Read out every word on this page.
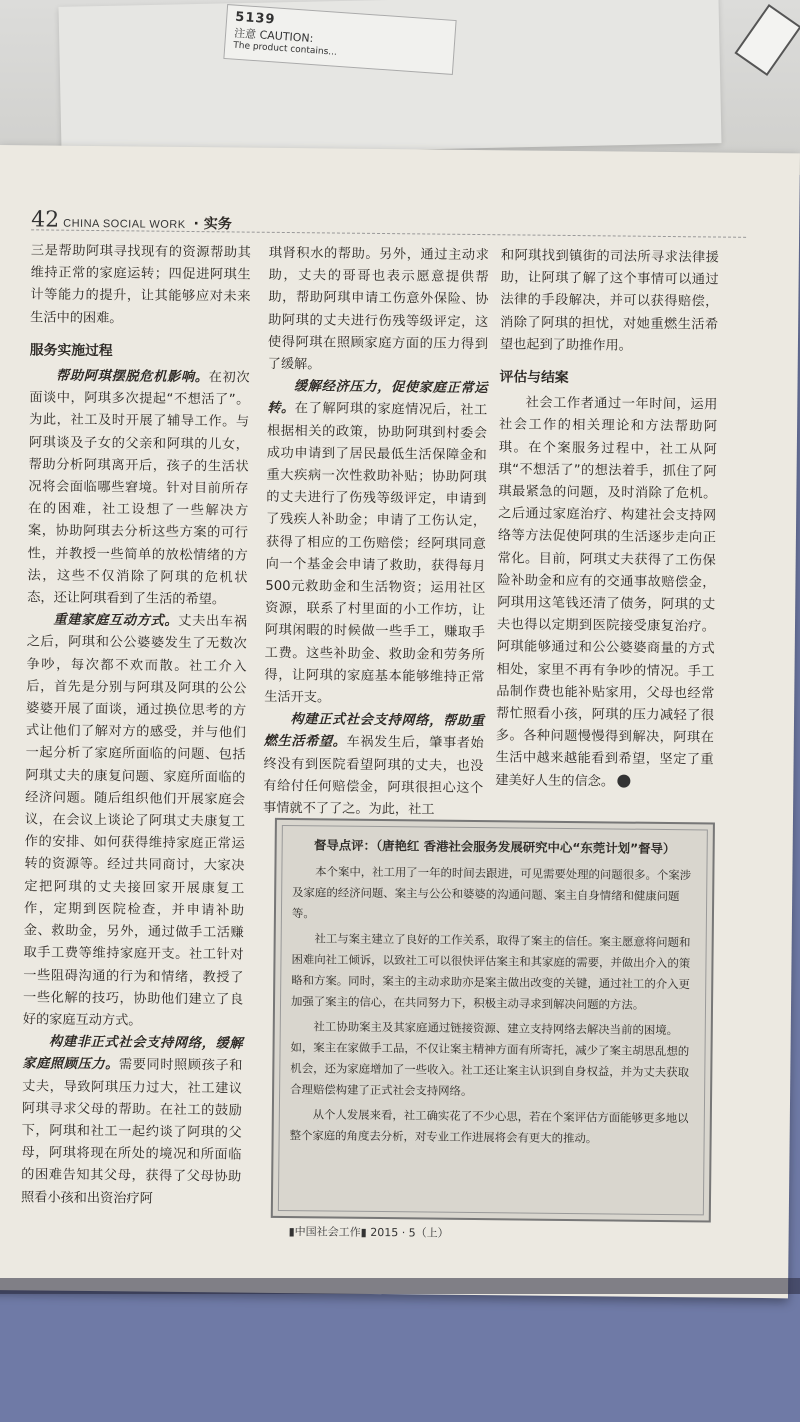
5139
注意 CAUTION:
The product contains...
42 CHINA SOCIAL WORK · 实务

三是帮助阿琪寻找现有的资源帮助其维持正常的家庭运转；四促进阿琪生计等能力的提升，让其能够应对未来生活中的困难。

服务实施过程

帮助阿琪摆脱危机影响。在初次面谈中，阿琪多次提起“不想活了”。为此，社工及时开展了辅导工作。与阿琪谈及子女的父亲和阿琪的儿女，帮助分析阿琪离开后，孩子的生活状况将会面临哪些窘境。针对目前所存在的困难，社工设想了一些解决方案，协助阿琪去分析这些方案的可行性，并教授一些简单的放松情绪的方法，这些不仅消除了阿琪的危机状态，还让阿琪看到了生活的希望。

重建家庭互动方式。丈夫出车祸之后，阿琪和公公婆婆发生了无数次争吵，每次都不欢而散。社工介入后，首先是分别与阿琪及阿琪的公公婆婆开展了面谈，通过换位思考的方式让他们了解对方的感受，并与他们一起分析了家庭所面临的问题、包括阿琪丈夫的康复问题、家庭所面临的经济问题。随后组织他们开展家庭会议，在会议上谈论了阿琪丈夫康复工作的安排、如何获得维持家庭正常运转的资源等。经过共同商讨，大家决定把阿琪的丈夫接回家开展康复工作，定期到医院检查，并申请补助金、救助金，另外，通过做手工活赚取手工费等维持家庭开支。社工针对一些阻碍沟通的行为和情绪，教授了一些化解的技巧，协助他们建立了良好的家庭互动方式。

构建非正式社会支持网络，缓解家庭照顾压力。需要同时照顾孩子和丈夫，导致阿琪压力过大，社工建议阿琪寻求父母的帮助。在社工的鼓励下，阿琪和社工一起约谈了阿琪的父母，阿琪将现在所处的境况和所面临的困难告知其父母，获得了父母协助照看小孩和出资治疗阿

琪肾积水的帮助。另外，通过主动求助，丈夫的哥哥也表示愿意提供帮助，帮助阿琪申请工伤意外保险、协助阿琪的丈夫进行伤残等级评定，这使得阿琪在照顾家庭方面的压力得到了缓解。

缓解经济压力，促使家庭正常运转。在了解阿琪的家庭情况后，社工根据相关的政策，协助阿琪到村委会成功申请到了居民最低生活保障金和重大疾病一次性救助补贴；协助阿琪的丈夫进行了伤残等级评定，申请到了残疾人补助金；申请了工伤认定，获得了相应的工伤赔偿；经阿琪同意向一个基金会申请了救助，获得每月500元救助金和生活物资；运用社区资源，联系了村里面的小工作坊，让阿琪闲暇的时候做一些手工，赚取手工费。这些补助金、救助金和劳务所得，让阿琪的家庭基本能够维持正常生活开支。

构建正式社会支持网络，帮助重燃生活希望。车祸发生后，肇事者始终没有到医院看望阿琪的丈夫，也没有给付任何赔偿金，阿琪很担心这个事情就不了了之。为此，社工

和阿琪找到镇街的司法所寻求法律援助，让阿琪了解了这个事情可以通过法律的手段解决，并可以获得赔偿，消除了阿琪的担忧，对她重燃生活希望也起到了助推作用。

评估与结案

社会工作者通过一年时间，运用社会工作的相关理论和方法帮助阿琪。在个案服务过程中，社工从阿琪“不想活了”的想法着手，抓住了阿琪最紧急的问题，及时消除了危机。之后通过家庭治疗、构建社会支持网络等方法促使阿琪的生活逐步走向正常化。目前，阿琪丈夫获得了工伤保险补助金和应有的交通事故赔偿金，阿琪用这笔钱还清了债务，阿琪的丈夫也得以定期到医院接受康复治疗。阿琪能够通过和公公婆婆商量的方式相处，家里不再有争吵的情况。手工品制作费也能补贴家用，父母也经常帮忙照看小孩，阿琪的压力减轻了很多。各种问题慢慢得到解决，阿琪在生活中越来越能看到希望，坚定了重建美好人生的信念。

督导点评：（唐艳红 香港社会服务发展研究中心“东莞计划”督导）

本个案中，社工用了一年的时间去跟进，可见需要处理的问题很多。个案涉及家庭的经济问题、案主与公公和婆婆的沟通问题、案主自身情绪和健康问题等。

社工与案主建立了良好的工作关系，取得了案主的信任。案主愿意将问题和困难向社工倾诉，以致社工可以很快评估案主和其家庭的需要，并做出介入的策略和方案。同时，案主的主动求助亦是案主做出改变的关键，通过社工的介入更加强了案主的信心，在共同努力下，积极主动寻求到解决问题的方法。

社工协助案主及其家庭通过链接资源、建立支持网络去解决当前的困境。如，案主在家做手工品，不仅让案主精神方面有所寄托，减少了案主胡思乱想的机会，还为家庭增加了一些收入。社工还让案主认识到自身权益，并为丈夫获取合理赔偿构建了正式社会支持网络。

从个人发展来看，社工确实花了不少心思，若在个案评估方面能够更多地以整个家庭的角度去分析，对专业工作进展将会有更大的推动。

▮中国社会工作▮ 2015 · 5（上）
